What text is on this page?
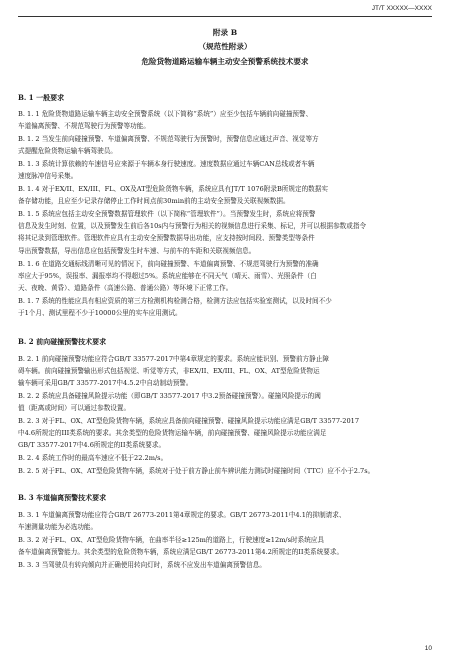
JT/T XXXXX—XXXX
附录 B
（规范性附录）
危险货物道路运输车辆主动安全预警系统技术要求
B. 1 一般要求
B. 1. 1 危险货物道路运输车辆主动安全预警系统（以下简称“系统”）应至少包括车辆前向碰撞预警、
车道偏离预警、不规范驾驶行为预警等功能。
B. 1. 2 当发生前向碰撞预警、车道偏离预警、不规范驾驶行为预警时，预警信息应通过声音、视觉等方
式提醒危险货物运输车辆驾驶员。
B. 1. 3 系统计算依赖的车速信号应来源于车辆本身行驶速度。速度数据应通过车辆CAN总线或者车辆
速度脉冲信号采集。
B. 1. 4 对于EX/II、EX/III、FL、OX及AT型危险货物车辆，系统应具有JT/T 1076附录B所规定的数据实
备存储功能，且应至少记录存储停止工作时间点前30min前的主动安全预警及关联视频数据。
B. 1. 5 系统应包括主动安全预警数据管理软件（以下简称“管理软件”）。当预警发生时，系统应将预警
信息及发生时刻、位置，以及预警发生前后各10s内与预警行为相关的视频信息进行采集、标记，并可以根据参数或指令
将其记录到管理软件。管理软件应具有主动安全预警数据导出功能，应支持按时间段、预警类型等条件
导出预警数据，导出信息应包括预警发生时车速、与前车的车距和关联视频信息。
B. 1. 6 在道路交通标线清晰可见的情况下，前向碰撞预警、车道偏离预警、不规范驾驶行为预警的准确
率应大于95%，误报率、漏报率均不得超过5%。系统应能够在不同天气（晴天、雨雪）、光照条件（白
天、夜晚、黄昏）、道路条件（高速公路、普通公路）等环境下正常工作。
B. 1. 7 系统的性能应具有相应资质的第三方检测机构检测合格，检测方法应包括实验室测试，以及时间不少
于1个月、测试里程不少于10000公里的实车应用测试。
B. 2 前向碰撞预警技术要求
B. 2. 1 前向碰撞预警功能应符合GB/T 33577-2017中第4章规定的要求。系统应能识别、预警前方静止障
碍车辆。前向碰撞预警输出形式包括视觉、听觉等方式，非EX/II、EX/III、FL、OX、AT型危险货物运
输车辆可采用GB/T 33577-2017中4.5.2中自动制动预警。
B. 2. 2 系统应具备碰撞风险提示功能（即GB/T 33577-2017 中3.2预备碰撞预警）。碰撞风险提示的阈
值（距离或时间）可以通过参数设置。
B. 2. 3 对于FL、OX、AT型危险货物车辆，系统应具备前向碰撞预警、碰撞风险提示功能应满足GB/T 33577-2017
中4.6所规定的III类系统的要求。其余类型的危险货物运输车辆，前向碰撞预警、碰撞风险提示功能应满足
GB/T 33577-2017中4.6所规定的II类系统要求。
B. 2. 4 系统工作时的最高车速应不低于22.2m/s。
B. 2. 5 对于FL、OX、AT型危险货物车辆，系统对于处于前方静止前车辨识能力测试时碰撞时间（TTC）应不小于2.7s。
B. 3 车道偏离预警技术要求
B. 3. 1 车道偏离预警功能应符合GB/T 26773-2011第4章规定的要求。GB/T 26773-2011中4.1的抑制请求、
车速测量功能为必选功能。
B. 3. 2 对于FL、OX、AT型危险货物车辆，在曲率半径≥125m的道路上，行驶速度≥12m/s时系统应具
备车道偏离预警能力。其余类型的危险货物车辆，系统应满足GB/T 26773-2011第4.2所规定的II类系统要求。
B. 3. 3 当驾驶员有转向倾向并正确使用转向灯时，系统不应发出车道偏离预警信息。
10
